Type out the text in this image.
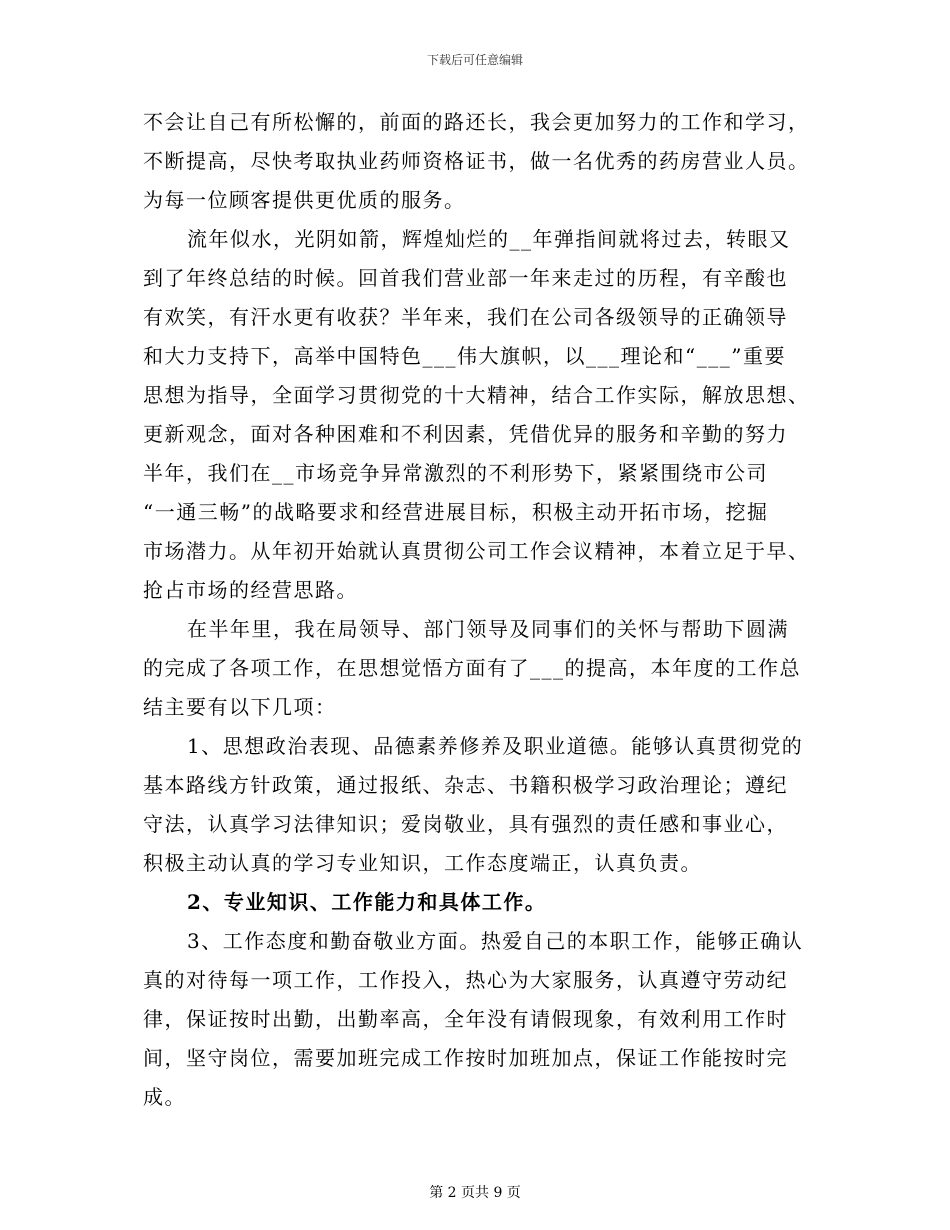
下载后可任意编辑
不会让自己有所松懈的，前面的路还长，我会更加努力的工作和学习，
不断提高，尽快考取执业药师资格证书，做一名优秀的药房营业人员。
为每一位顾客提供更优质的服务。
流年似水，光阴如箭，辉煌灿烂的__年弹指间就将过去，转眼又
到了年终总结的时候。回首我们营业部一年来走过的历程，有辛酸也
有欢笑，有汗水更有收获？半年来，我们在公司各级领导的正确领导
和大力支持下，高举中国特色___伟大旗帜，以___理论和“___”重要
思想为指导，全面学习贯彻党的十大精神，结合工作实际，解放思想、
更新观念，面对各种困难和不利因素，凭借优异的服务和辛勤的努力
半年，我们在__市场竞争异常激烈的不利形势下，紧紧围绕市公司
“一通三畅”的战略要求和经营进展目标，积极主动开拓市场，挖掘
市场潜力。从年初开始就认真贯彻公司工作会议精神，本着立足于早、
抢占市场的经营思路。
在半年里，我在局领导、部门领导及同事们的关怀与帮助下圆满
的完成了各项工作，在思想觉悟方面有了___的提高，本年度的工作总
结主要有以下几项：
1、思想政治表现、品德素养修养及职业道德。能够认真贯彻党的
基本路线方针政策，通过报纸、杂志、书籍积极学习政治理论；遵纪
守法，认真学习法律知识；爱岗敬业，具有强烈的责任感和事业心，
积极主动认真的学习专业知识，工作态度端正，认真负责。
2、专业知识、工作能力和具体工作。
3、工作态度和勤奋敬业方面。热爱自己的本职工作，能够正确认
真的对待每一项工作，工作投入，热心为大家服务，认真遵守劳动纪
律，保证按时出勤，出勤率高，全年没有请假现象，有效利用工作时
间，坚守岗位，需要加班完成工作按时加班加点，保证工作能按时完
成。
第 2 页共 9 页
